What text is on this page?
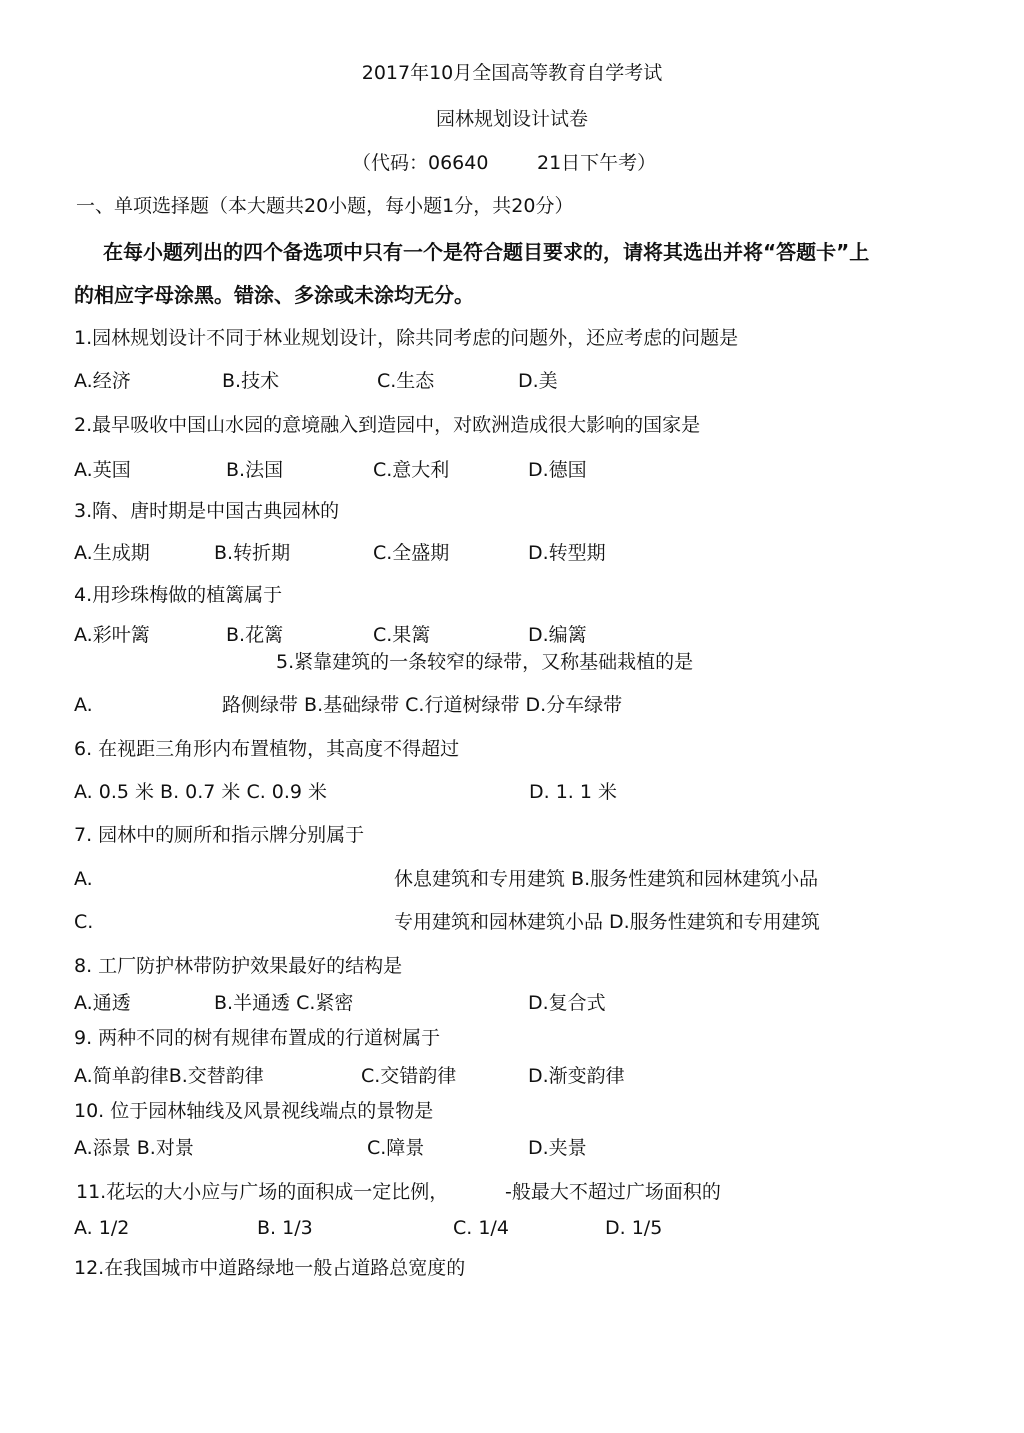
2017年10月全国高等教育自学考试
园林规划设计试卷
（代码：06640	21日下午考）
一、单项选择题（本大题共20小题，每小题1分，共20分）
在每小题列出的四个备选项中只有一个是符合题目要求的，请将其选出并将“答题卡”上
的相应字母涂黑。错涂、多涂或未涂均无分。
1.园林规划设计不同于林业规划设计，除共同考虑的问题外，还应考虑的问题是
A.经济	B.技术	C.生态	D.美
2.最早吸收中国山水园的意境融入到造园中，对欧洲造成很大影响的国家是
A.英国	B.法国	C.意大利	D.德国
3.隋、唐时期是中国古典园林的
A.生成期	B.转折期	C.全盛期	D.转型期
4.用珍珠梅做的植篱属于
A.彩叶篱	B.花篱	C.果篱	D.编篱
5.紧靠建筑的一条较窄的绿带，又称基础栽植的是
A.	路侧绿带 B.基础绿带 C.行道树绿带 D.分车绿带
6. 在视距三角形内布置植物，其高度不得超过
A. 0.5 米 B. 0.7 米 C. 0.9 米	D. 1. 1 米
7. 园林中的厕所和指示牌分别属于
A.	休息建筑和专用建筑 B.服务性建筑和园林建筑小品
C.	专用建筑和园林建筑小品 D.服务性建筑和专用建筑
8. 工厂防护林带防护效果最好的结构是
A.通透	B.半通透 C.紧密	D.复合式
9. 两种不同的树有规律布置成的行道树属于
A.简单韵律B.交替韵律	C.交错韵律	D.渐变韵律
10. 位于园林轴线及风景视线端点的景物是
A.添景 B.对景	C.障景	D.夹景
11.花坛的大小应与广场的面积成一定比例，	-般最大不超过广场面积的
A. 1/2	B. 1/3	C. 1/4	D. 1/5
12.在我国城市中道路绿地一般占道路总宽度的
